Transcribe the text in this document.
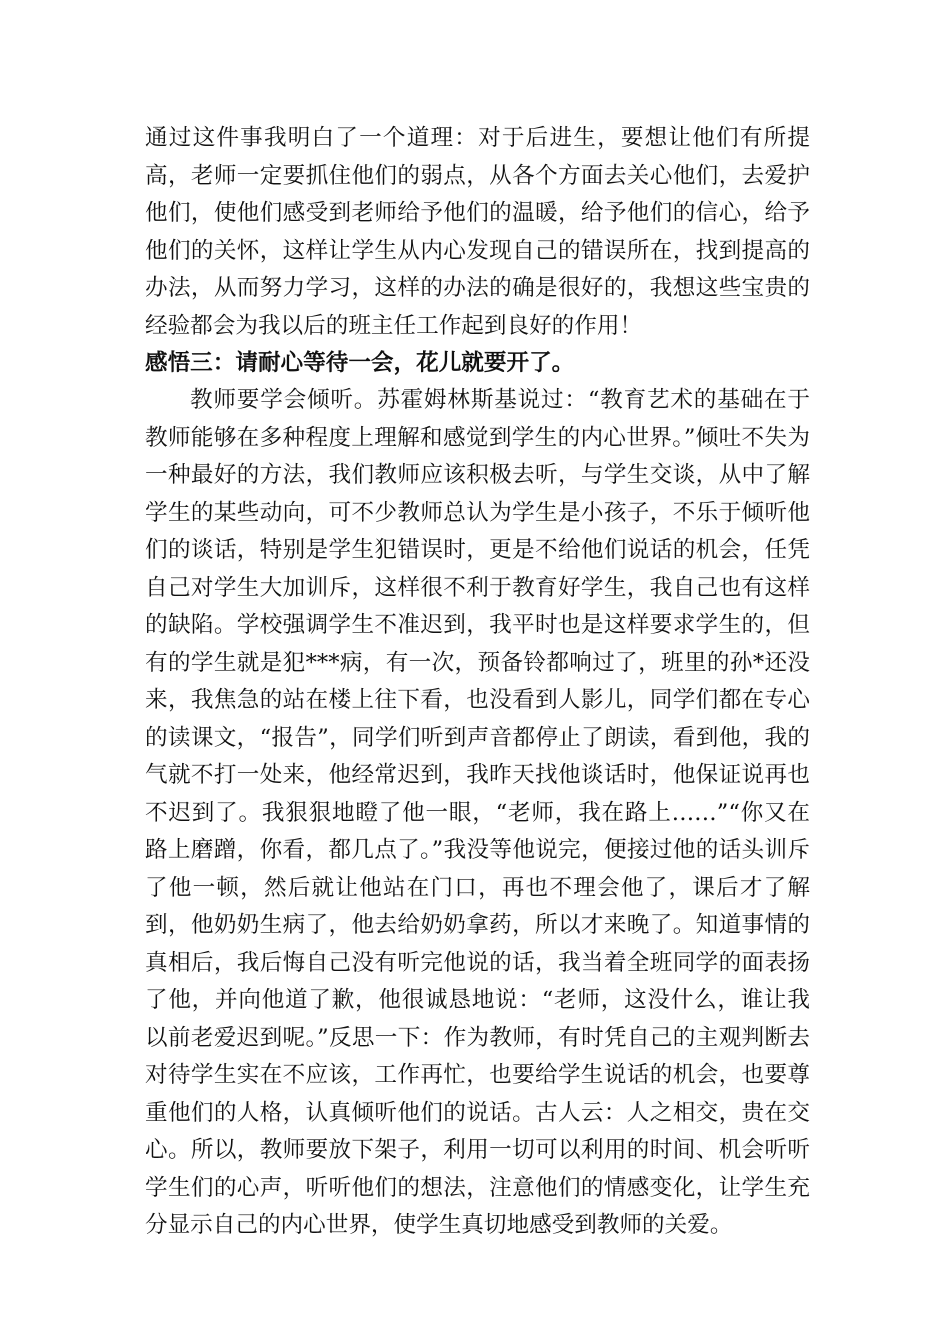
通过这件事我明白了一个道理：对于后进生，要想让他们有所提高，老师一定要抓住他们的弱点，从各个方面去关心他们，去爱护他们，使他们感受到老师给予他们的温暖，给予他们的信心，给予他们的关怀，这样让学生从内心发现自己的错误所在，找到提高的办法，从而努力学习，这样的办法的确是很好的，我想这些宝贵的经验都会为我以后的班主任工作起到良好的作用！
感悟三：请耐心等待一会，花儿就要开了。
教师要学会倾听。苏霍姆林斯基说过：“教育艺术的基础在于教师能够在多种程度上理解和感觉到学生的内心世界。”倾吐不失为一种最好的方法，我们教师应该积极去听，与学生交谈，从中了解学生的某些动向，可不少教师总认为学生是小孩子，不乐于倾听他们的谈话，特别是学生犯错误时，更是不给他们说话的机会，任凭自己对学生大加训斥，这样很不利于教育好学生，我自己也有这样的缺陷。学校强调学生不准迟到，我平时也是这样要求学生的，但有的学生就是犯***病，有一次，预备铃都响过了，班里的孙*还没来，我焦急的站在楼上往下看，也没看到人影儿，同学们都在专心的读课文，“报告”，同学们听到声音都停止了朗读，看到他，我的气就不打一处来，他经常迟到，我昨天找他谈话时，他保证说再也不迟到了。我狠狠地瞪了他一眼，“老师，我在路上……”“你又在路上磨蹭，你看，都几点了。”我没等他说完，便接过他的话头训斥了他一顿，然后就让他站在门口，再也不理会他了，课后才了解到，他奶奶生病了，他去给奶奶拿药，所以才来晚了。知道事情的真相后，我后悔自己没有听完他说的话，我当着全班同学的面表扬了他，并向他道了歉，他很诚恳地说：“老师，这没什么，谁让我以前老爱迟到呢。”反思一下：作为教师，有时凭自己的主观判断去对待学生实在不应该，工作再忙，也要给学生说话的机会，也要尊重他们的人格，认真倾听他们的说话。古人云：人之相交，贵在交心。所以，教师要放下架子，利用一切可以利用的时间、机会听听学生们的心声，听听他们的想法，注意他们的情感变化，让学生充分显示自己的内心世界，使学生真切地感受到教师的关爱。
